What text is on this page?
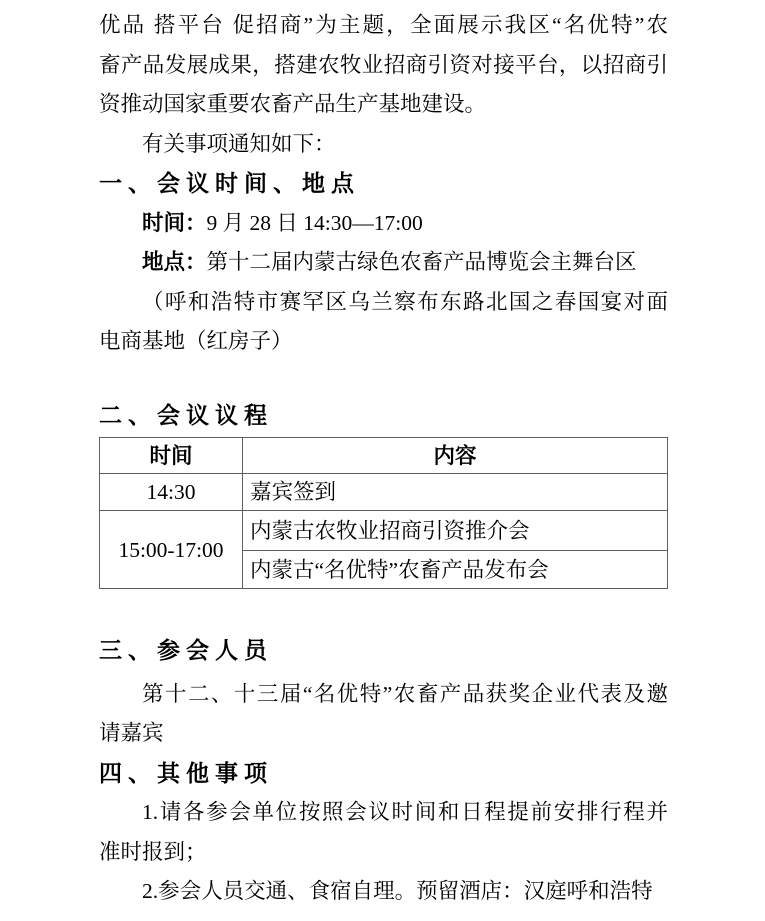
优品 搭平台 促招商”为主题，全面展示我区“名优特”农
畜产品发展成果，搭建农牧业招商引资对接平台，以招商引
资推动国家重要农畜产品生产基地建设。
有关事项通知如下：
一、会议时间、地点
时间：9 月 28 日 14:30—17:00
地点：第十二届内蒙古绿色农畜产品博览会主舞台区
（呼和浩特市赛罕区乌兰察布东路北国之春国宴对面
电商基地（红房子）
二、会议议程
时间	内容
14:30	嘉宾签到
15:00-17:00	内蒙古农牧业招商引资推介会
	内蒙古“名优特”农畜产品发布会
三、参会人员
第十二、十三届“名优特”农畜产品获奖企业代表及邀
请嘉宾
四、其他事项
1.请各参会单位按照会议时间和日程提前安排行程并
准时报到；
2.参会人员交通、食宿自理。预留酒店：汉庭呼和浩特
